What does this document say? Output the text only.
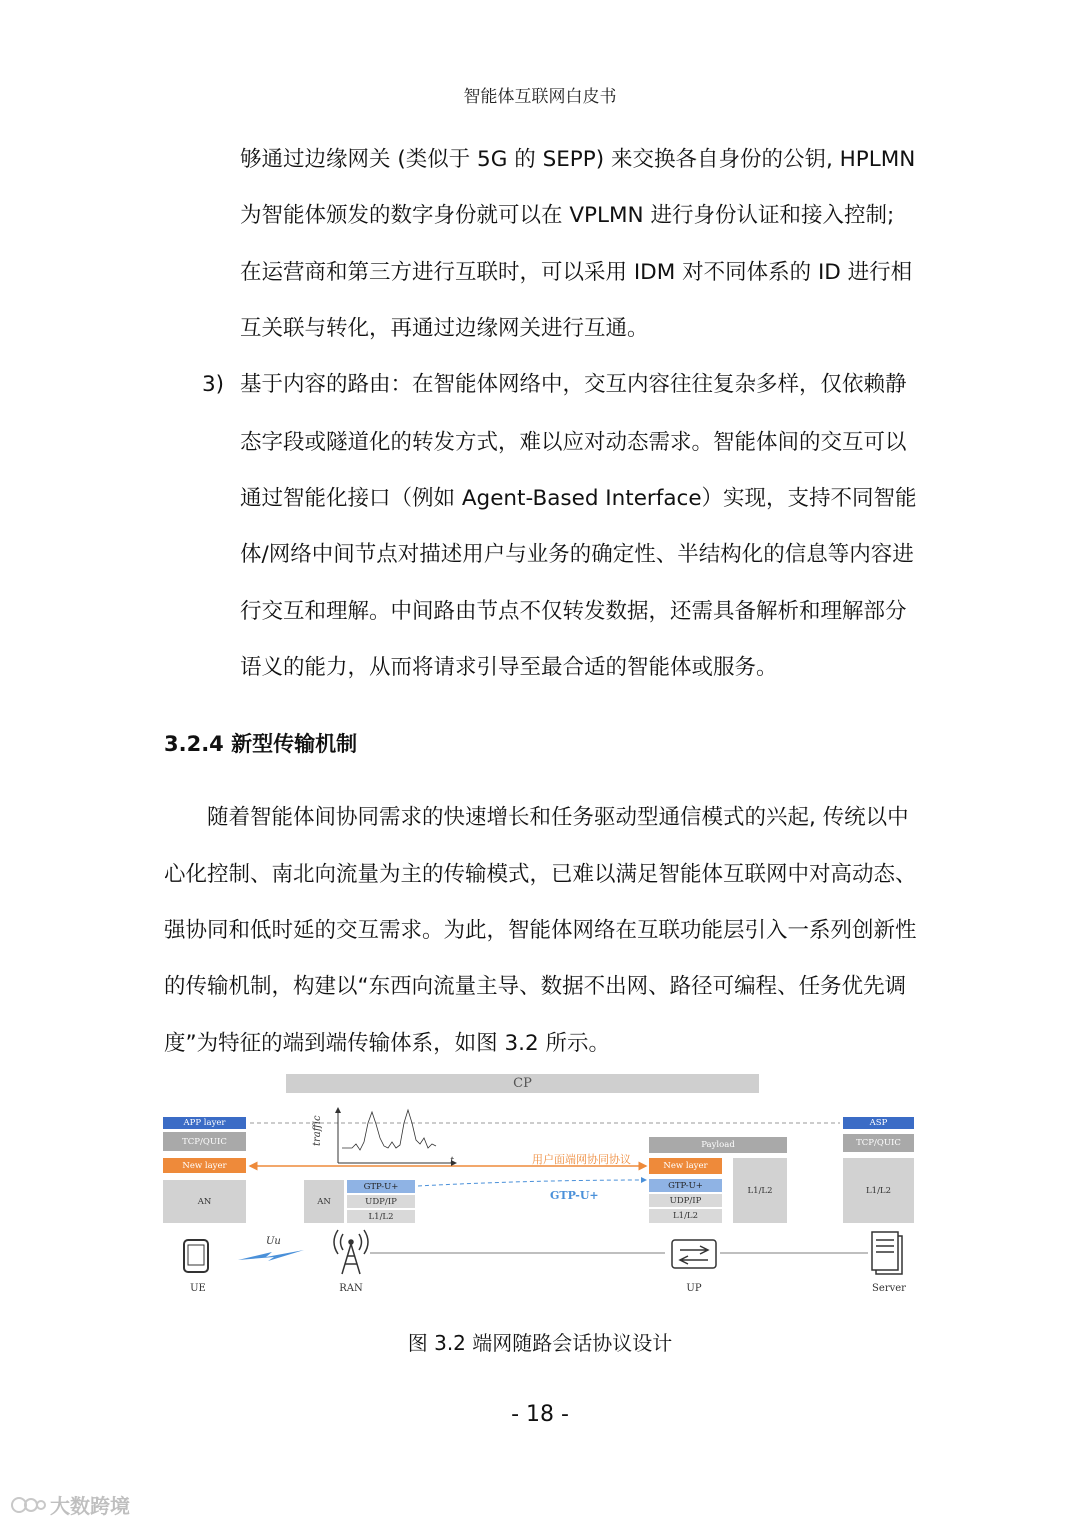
智能体互联网白皮书
够通过边缘网关 (类似于 5G 的 SEPP) 来交换各自身份的公钥, HPLMN
为智能体颁发的数字身份就可以在 VPLMN 进行身份认证和接入控制;
在运营商和第三方进行互联时，可以采用 IDM 对不同体系的 ID 进行相
互关联与转化，再通过边缘网关进行互通。
3) 基于内容的路由：在智能体网络中，交互内容往往复杂多样，仅依赖静
态字段或隧道化的转发方式，难以应对动态需求。智能体间的交互可以
通过智能化接口（例如 Agent-Based Interface）实现，支持不同智能
体/网络中间节点对描述用户与业务的确定性、半结构化的信息等内容进
行交互和理解。中间路由节点不仅转发数据，还需具备解析和理解部分
语义的能力，从而将请求引导至最合适的智能体或服务。
3.2.4 新型传输机制
随着智能体间协同需求的快速增长和任务驱动型通信模式的兴起, 传统以中
心化控制、南北向流量为主的传输模式，已难以满足智能体互联网中对高动态、
强协同和低时延的交互需求。为此，智能体网络在互联功能层引入一系列创新性
的传输机制，构建以“东西向流量主导、数据不出网、路径可编程、任务优先调
度”为特征的端到端传输体系，如图 3.2 所示。
CP
APP layer
TCP/QUIC
New layer
AN	AN
GTP-U+
UDP/IP
L1/L2
Payload
New layer
GTP-U+
UDP/IP
L1/L2
L1/L2
ASP
TCP/QUIC
L1/L2
traffic
t	用户面端网协同协议
GTP-U+
Uu
UE	RAN	UP	Server
图 3.2 端网随路会话协议设计
- 18 -
大数跨境
